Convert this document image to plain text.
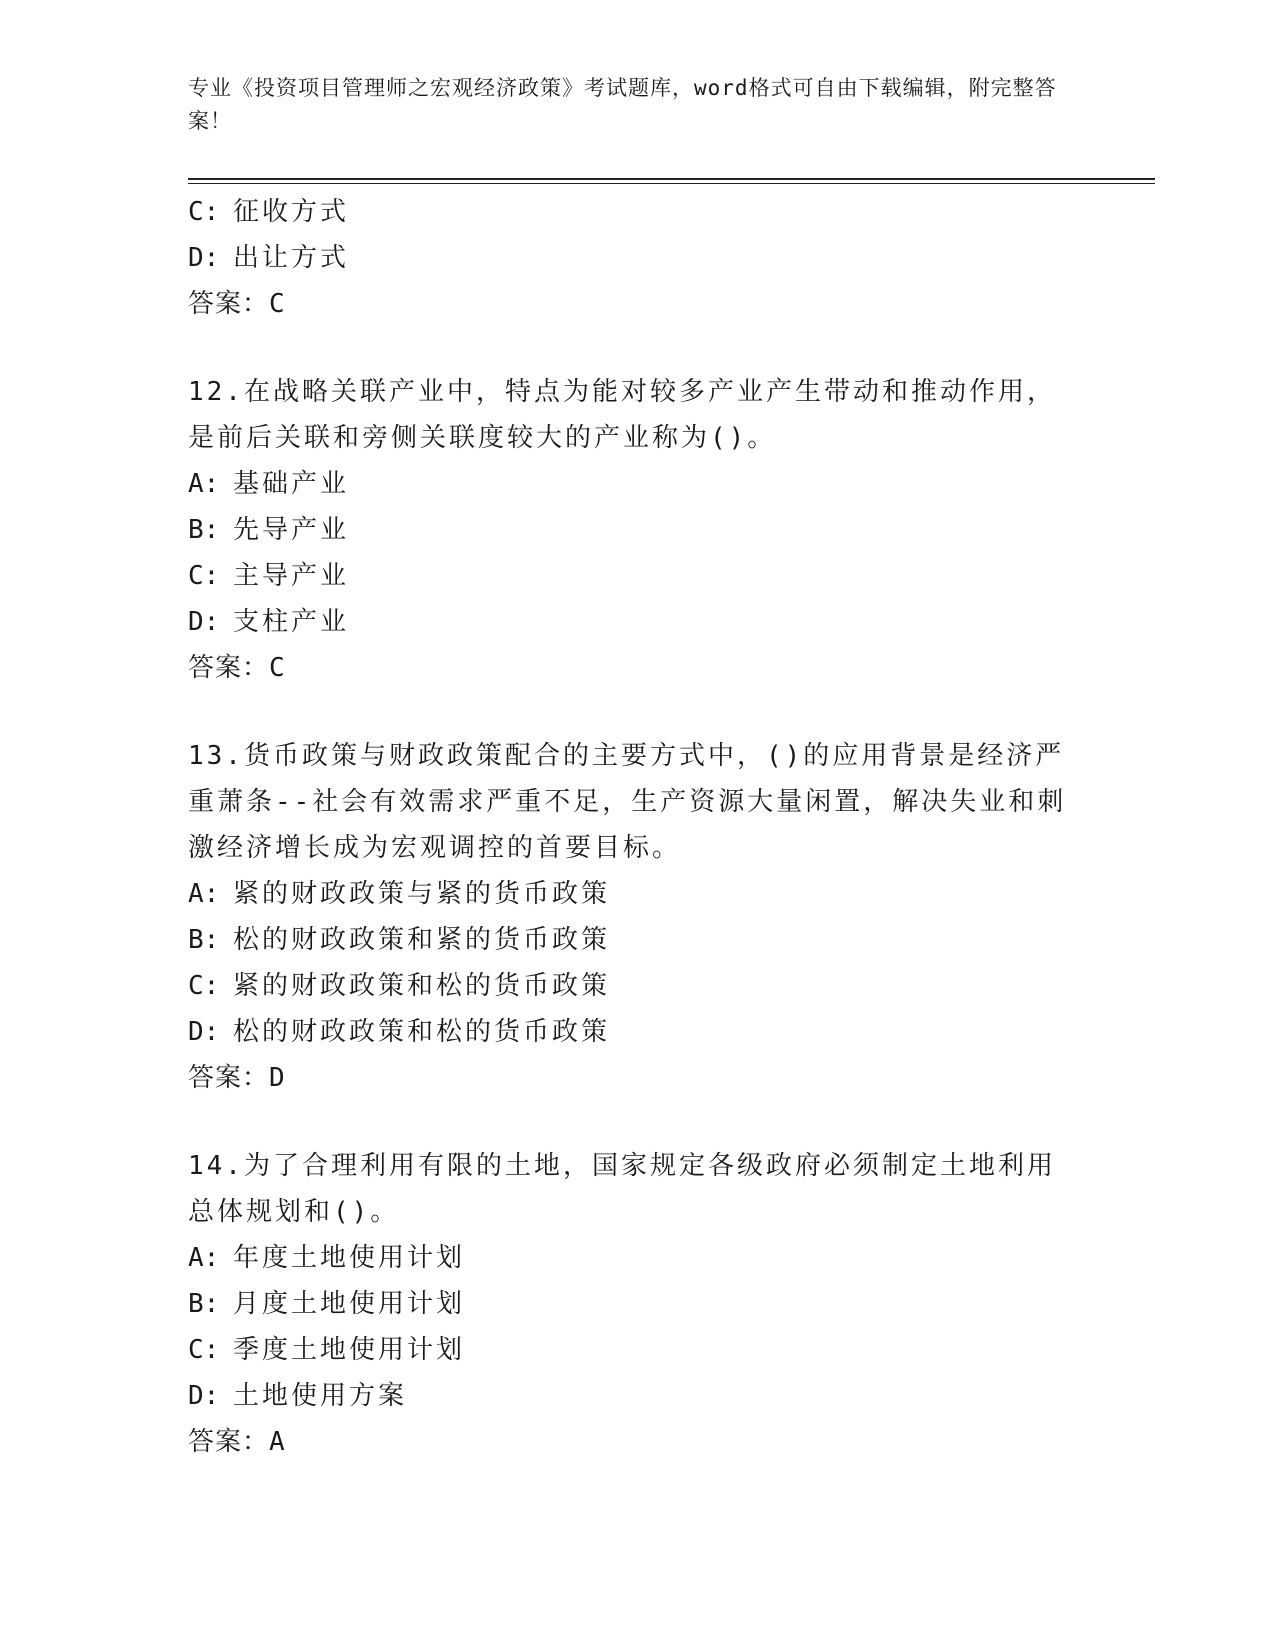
专业《投资项目管理师之宏观经济政策》考试题库，word格式可自由下载编辑，附完整答案！
C: 征收方式
D: 出让方式
答案：C
12.在战略关联产业中，特点为能对较多产业产生带动和推动作用，是前后关联和旁侧关联度较大的产业称为()。
A: 基础产业
B: 先导产业
C: 主导产业
D: 支柱产业
答案：C
13.货币政策与财政政策配合的主要方式中，()的应用背景是经济严重萧条--社会有效需求严重不足，生产资源大量闲置，解决失业和刺激经济增长成为宏观调控的首要目标。
A: 紧的财政政策与紧的货币政策
B: 松的财政政策和紧的货币政策
C: 紧的财政政策和松的货币政策
D: 松的财政政策和松的货币政策
答案：D
14.为了合理利用有限的土地，国家规定各级政府必须制定土地利用总体规划和()。
A: 年度土地使用计划
B: 月度土地使用计划
C: 季度土地使用计划
D: 土地使用方案
答案：A
